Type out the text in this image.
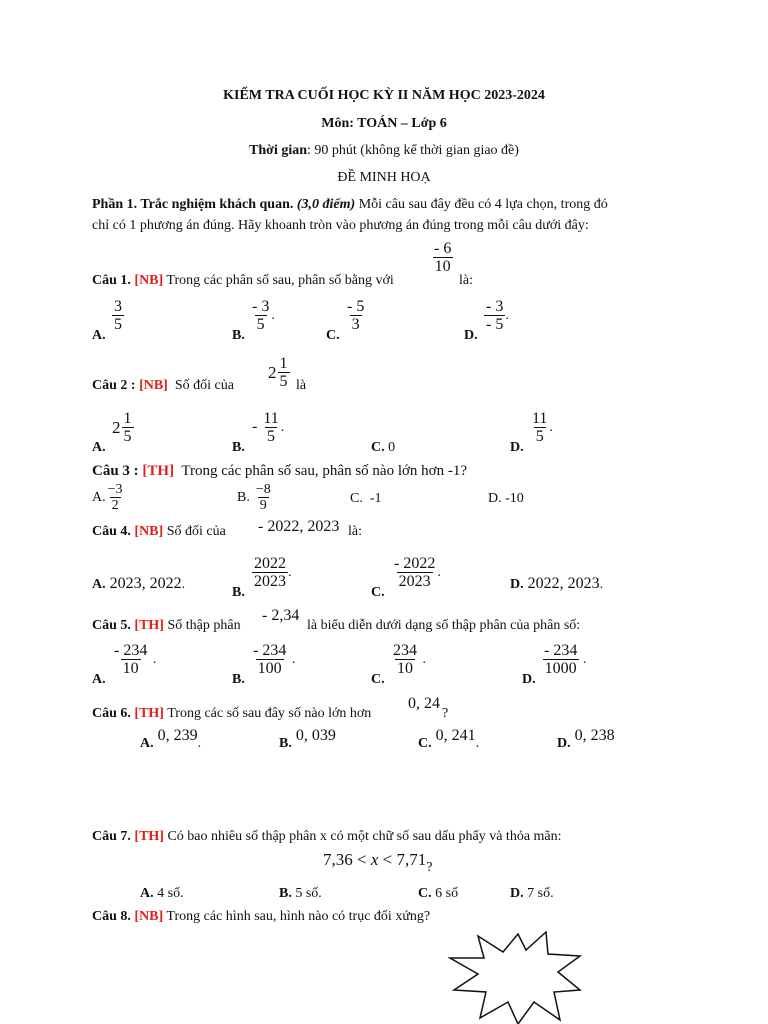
KIỂM TRA CUỐI HỌC KỲ II NĂM HỌC 2023-2024
Môn: TOÁN – Lớp 6
Thời gian: 90 phút (không kể thời gian giao đề)
ĐỀ MINH HOẠ
Phần 1. Trắc nghiệm khách quan. (3,0 điểm) Mỗi câu sau đây đều có 4 lựa chọn, trong đó
chỉ có 1 phương án đúng. Hãy khoanh tròn vào phương án đúng trong mỗi câu dưới đây:
Câu 1. [NB] Trong các phân số sau, phân số bằng với
$\frac{- 6}{10}$
là:
A.
$\frac{3}{5}$
B.
$\frac{- 3}{5}$ .
C.
$\frac{- 5}{3}$
D.
$\frac{- 3}{- 5}$ .
Câu 2 : [NB] Số đối của
$2 \frac{1}{5}$ là
A.
$2 \frac{1}{5}$
B.
- $\frac{11}{5}$ .
C. 0	D.
$\frac{11}{5}$ .
Câu 3 : [TH] Trong các phân số sau, phân số nào lớn hơn -1?
A. $\frac{-3}{2}$	B. $\frac{-8}{9}$	C. -1	D. -10
Câu 4. [NB] Số đối của - 2022, 2023 là:
A. 2023, 2022.
B.
$\frac{2022}{2023}$ .
C.
$\frac{- 2022}{2023}$ .
D. 2022, 2023.
Câu 5. [TH] Số thập phân
- 2,34
là biểu diễn dưới dạng số thập phân của phân số:
A.
$\frac{- 234}{10}$ .
B.
$\frac{- 234}{100}$ .
C.
$\frac{234}{10}$ .
D.
$\frac{- 234}{1000}$ .
Câu 6. [TH] Trong các số sau đây số nào lớn hơn
0, 24
?
A. 0, 239.	B. 0, 039	C. 0, 241.	D. 0, 238
Câu 7. [TH] Có bao nhiêu số thập phân x có một chữ số sau dấu phẩy và thỏa mãn:
$7,36 < x < 7,71_?$
A. 4 số.	B. 5 số.	C. 6 số	D. 7 số.
Câu 8. [NB] Trong các hình sau, hình nào có trục đối xứng?
